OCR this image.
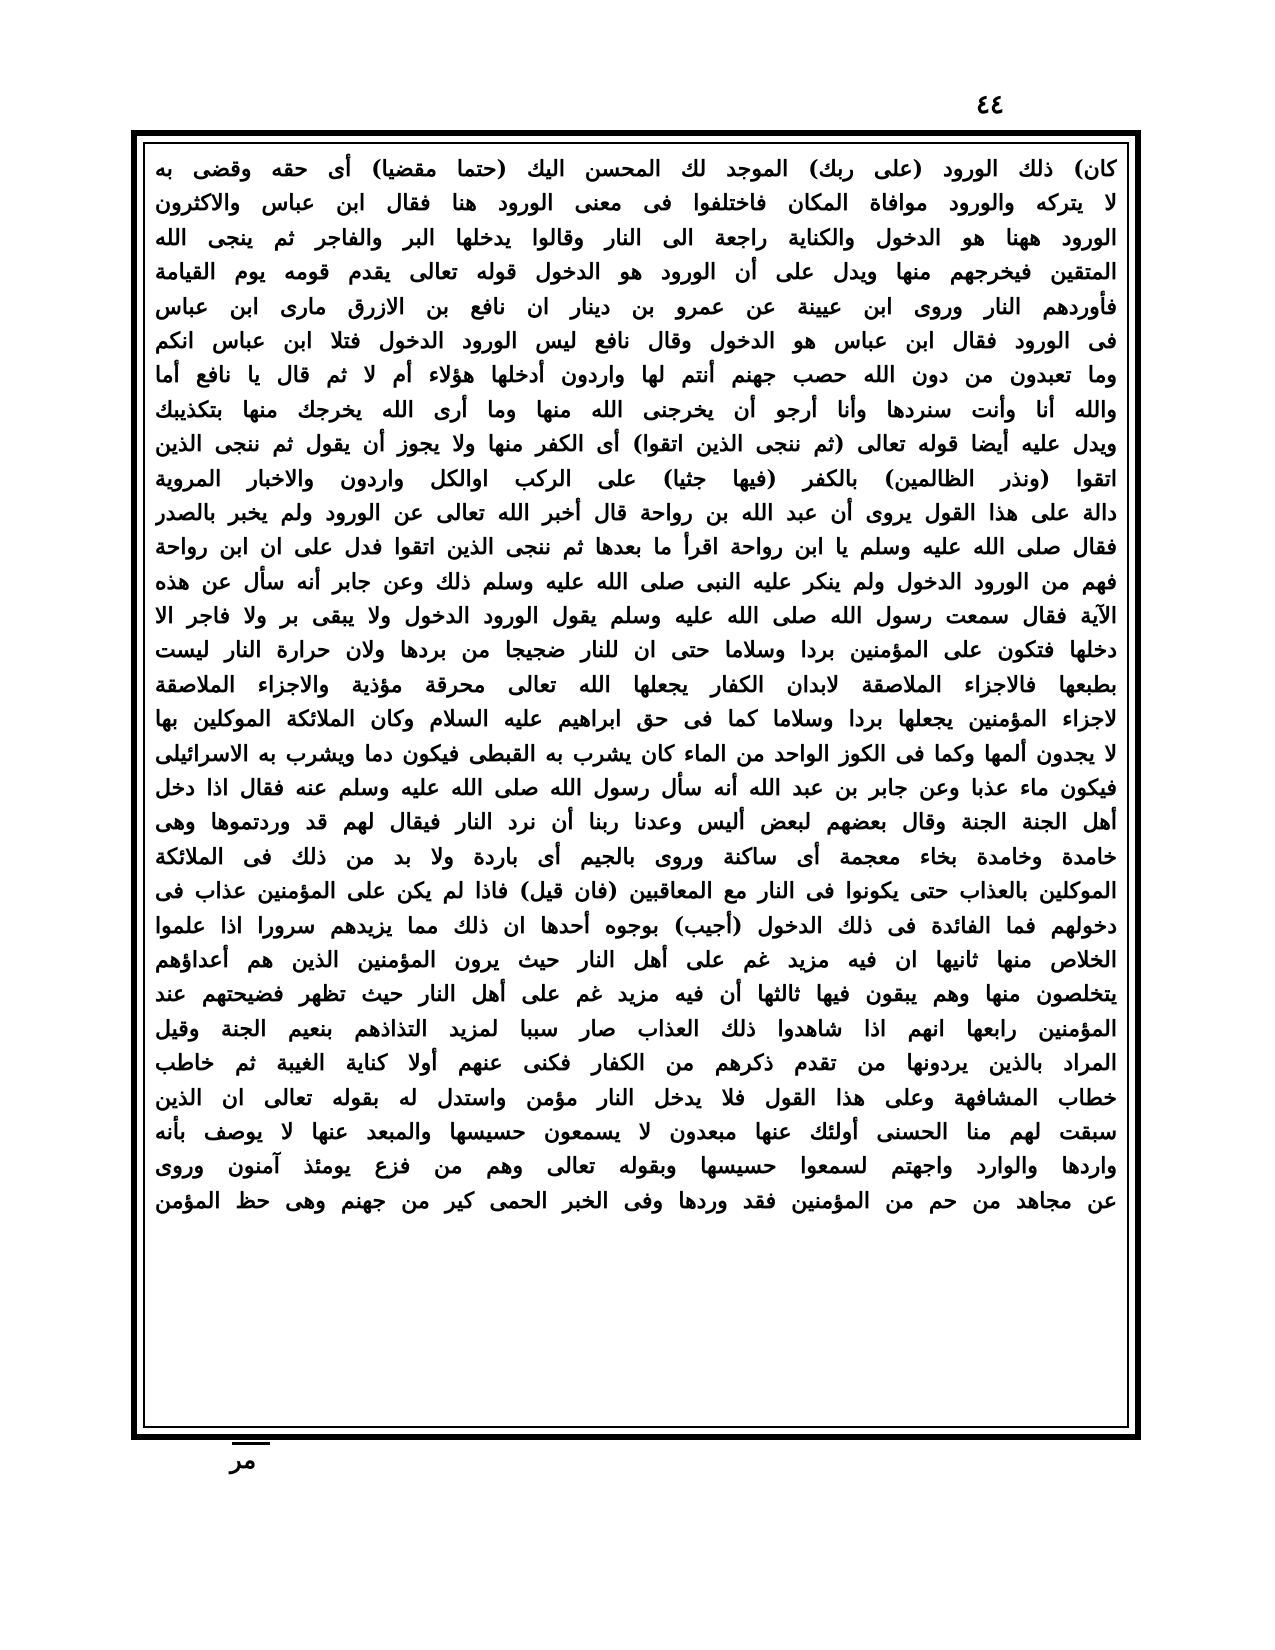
٤٤
كان) ذلك الورود (على ربك) الموجد لك المحسن اليك (حتما مقضيا) أى حقه وقضى به
لا يتركه والورود موافاة المكان فاختلفوا فى معنى الورود هنا فقال ابن عباس والاكثرون
الورود ههنا هو الدخول والكناية راجعة الى النار وقالوا يدخلها البر والفاجر ثم ينجى الله
المتقين فيخرجهم منها ويدل على أن الورود هو الدخول قوله تعالى يقدم قومه يوم القيامة
فأوردهم النار وروى ابن عيينة عن عمرو بن دينار ان نافع بن الازرق مارى ابن عباس
فى الورود فقال ابن عباس هو الدخول وقال نافع ليس الورود الدخول فتلا ابن عباس انكم
وما تعبدون من دون الله حصب جهنم أنتم لها واردون أدخلها هؤلاء أم لا ثم قال يا نافع أما
والله أنا وأنت سنردها وأنا أرجو أن يخرجنى الله منها وما أرى الله يخرجك منها بتكذيبك
ويدل عليه أيضا قوله تعالى (ثم ننجى الذين اتقوا) أى الكفر منها ولا يجوز أن يقول ثم ننجى الذين
اتقوا (ونذر الظالمين) بالكفر (فيها جثيا) على الركب اوالكل واردون والاخبار المروية
دالة على هذا القول يروى أن عبد الله بن رواحة قال أخبر الله تعالى عن الورود ولم يخبر بالصدر
فقال صلى الله عليه وسلم يا ابن رواحة اقرأ ما بعدها ثم ننجى الذين اتقوا فدل على ان ابن رواحة
فهم من الورود الدخول ولم ينكر عليه النبى صلى الله عليه وسلم ذلك وعن جابر أنه سأل عن هذه
الآية فقال سمعت رسول الله صلى الله عليه وسلم يقول الورود الدخول ولا يبقى بر ولا فاجر الا
دخلها فتكون على المؤمنين بردا وسلاما حتى ان للنار ضجيجا من بردها ولان حرارة النار ليست
بطبعها فالاجزاء الملاصقة لابدان الكفار يجعلها الله تعالى محرقة مؤذية والاجزاء الملاصقة
لاجزاء المؤمنين يجعلها بردا وسلاما كما فى حق ابراهيم عليه السلام وكان الملائكة الموكلين بها
لا يجدون ألمها وكما فى الكوز الواحد من الماء كان يشرب به القبطى فيكون دما ويشرب به الاسرائيلى
فيكون ماء عذبا وعن جابر بن عبد الله أنه سأل رسول الله صلى الله عليه وسلم عنه فقال اذا دخل
أهل الجنة الجنة وقال بعضهم لبعض أليس وعدنا ربنا أن نرد النار فيقال لهم قد وردتموها وهى
خامدة وخامدة بخاء معجمة أى ساكنة وروى بالجيم أى باردة ولا بد من ذلك فى الملائكة
الموكلين بالعذاب حتى يكونوا فى النار مع المعاقبين (فان قيل) فاذا لم يكن على المؤمنين عذاب فى
دخولهم فما الفائدة فى ذلك الدخول (أجيب) بوجوه أحدها ان ذلك مما يزيدهم سرورا اذا علموا
الخلاص منها ثانيها ان فيه مزيد غم على أهل النار حيث يرون المؤمنين الذين هم أعداؤهم
يتخلصون منها وهم يبقون فيها ثالثها أن فيه مزيد غم على أهل النار حيث تظهر فضيحتهم عند
المؤمنين رابعها انهم اذا شاهدوا ذلك العذاب صار سببا لمزيد التذاذهم بنعيم الجنة وقيل
المراد بالذين يردونها من تقدم ذكرهم من الكفار فكنى عنهم أولا كناية الغيبة ثم خاطب
خطاب المشافهة وعلى هذا القول فلا يدخل النار مؤمن واستدل له بقوله تعالى ان الذين
سبقت لهم منا الحسنى أولئك عنها مبعدون لا يسمعون حسيسها والمبعد عنها لا يوصف بأنه
واردها والوارد واجهتم لسمعوا حسيسها وبقوله تعالى وهم من فزع يومئذ آمنون وروى
عن مجاهد من حم من المؤمنين فقد وردها وفى الخبر الحمى كير من جهنم وهى حظ المؤمن
مر
